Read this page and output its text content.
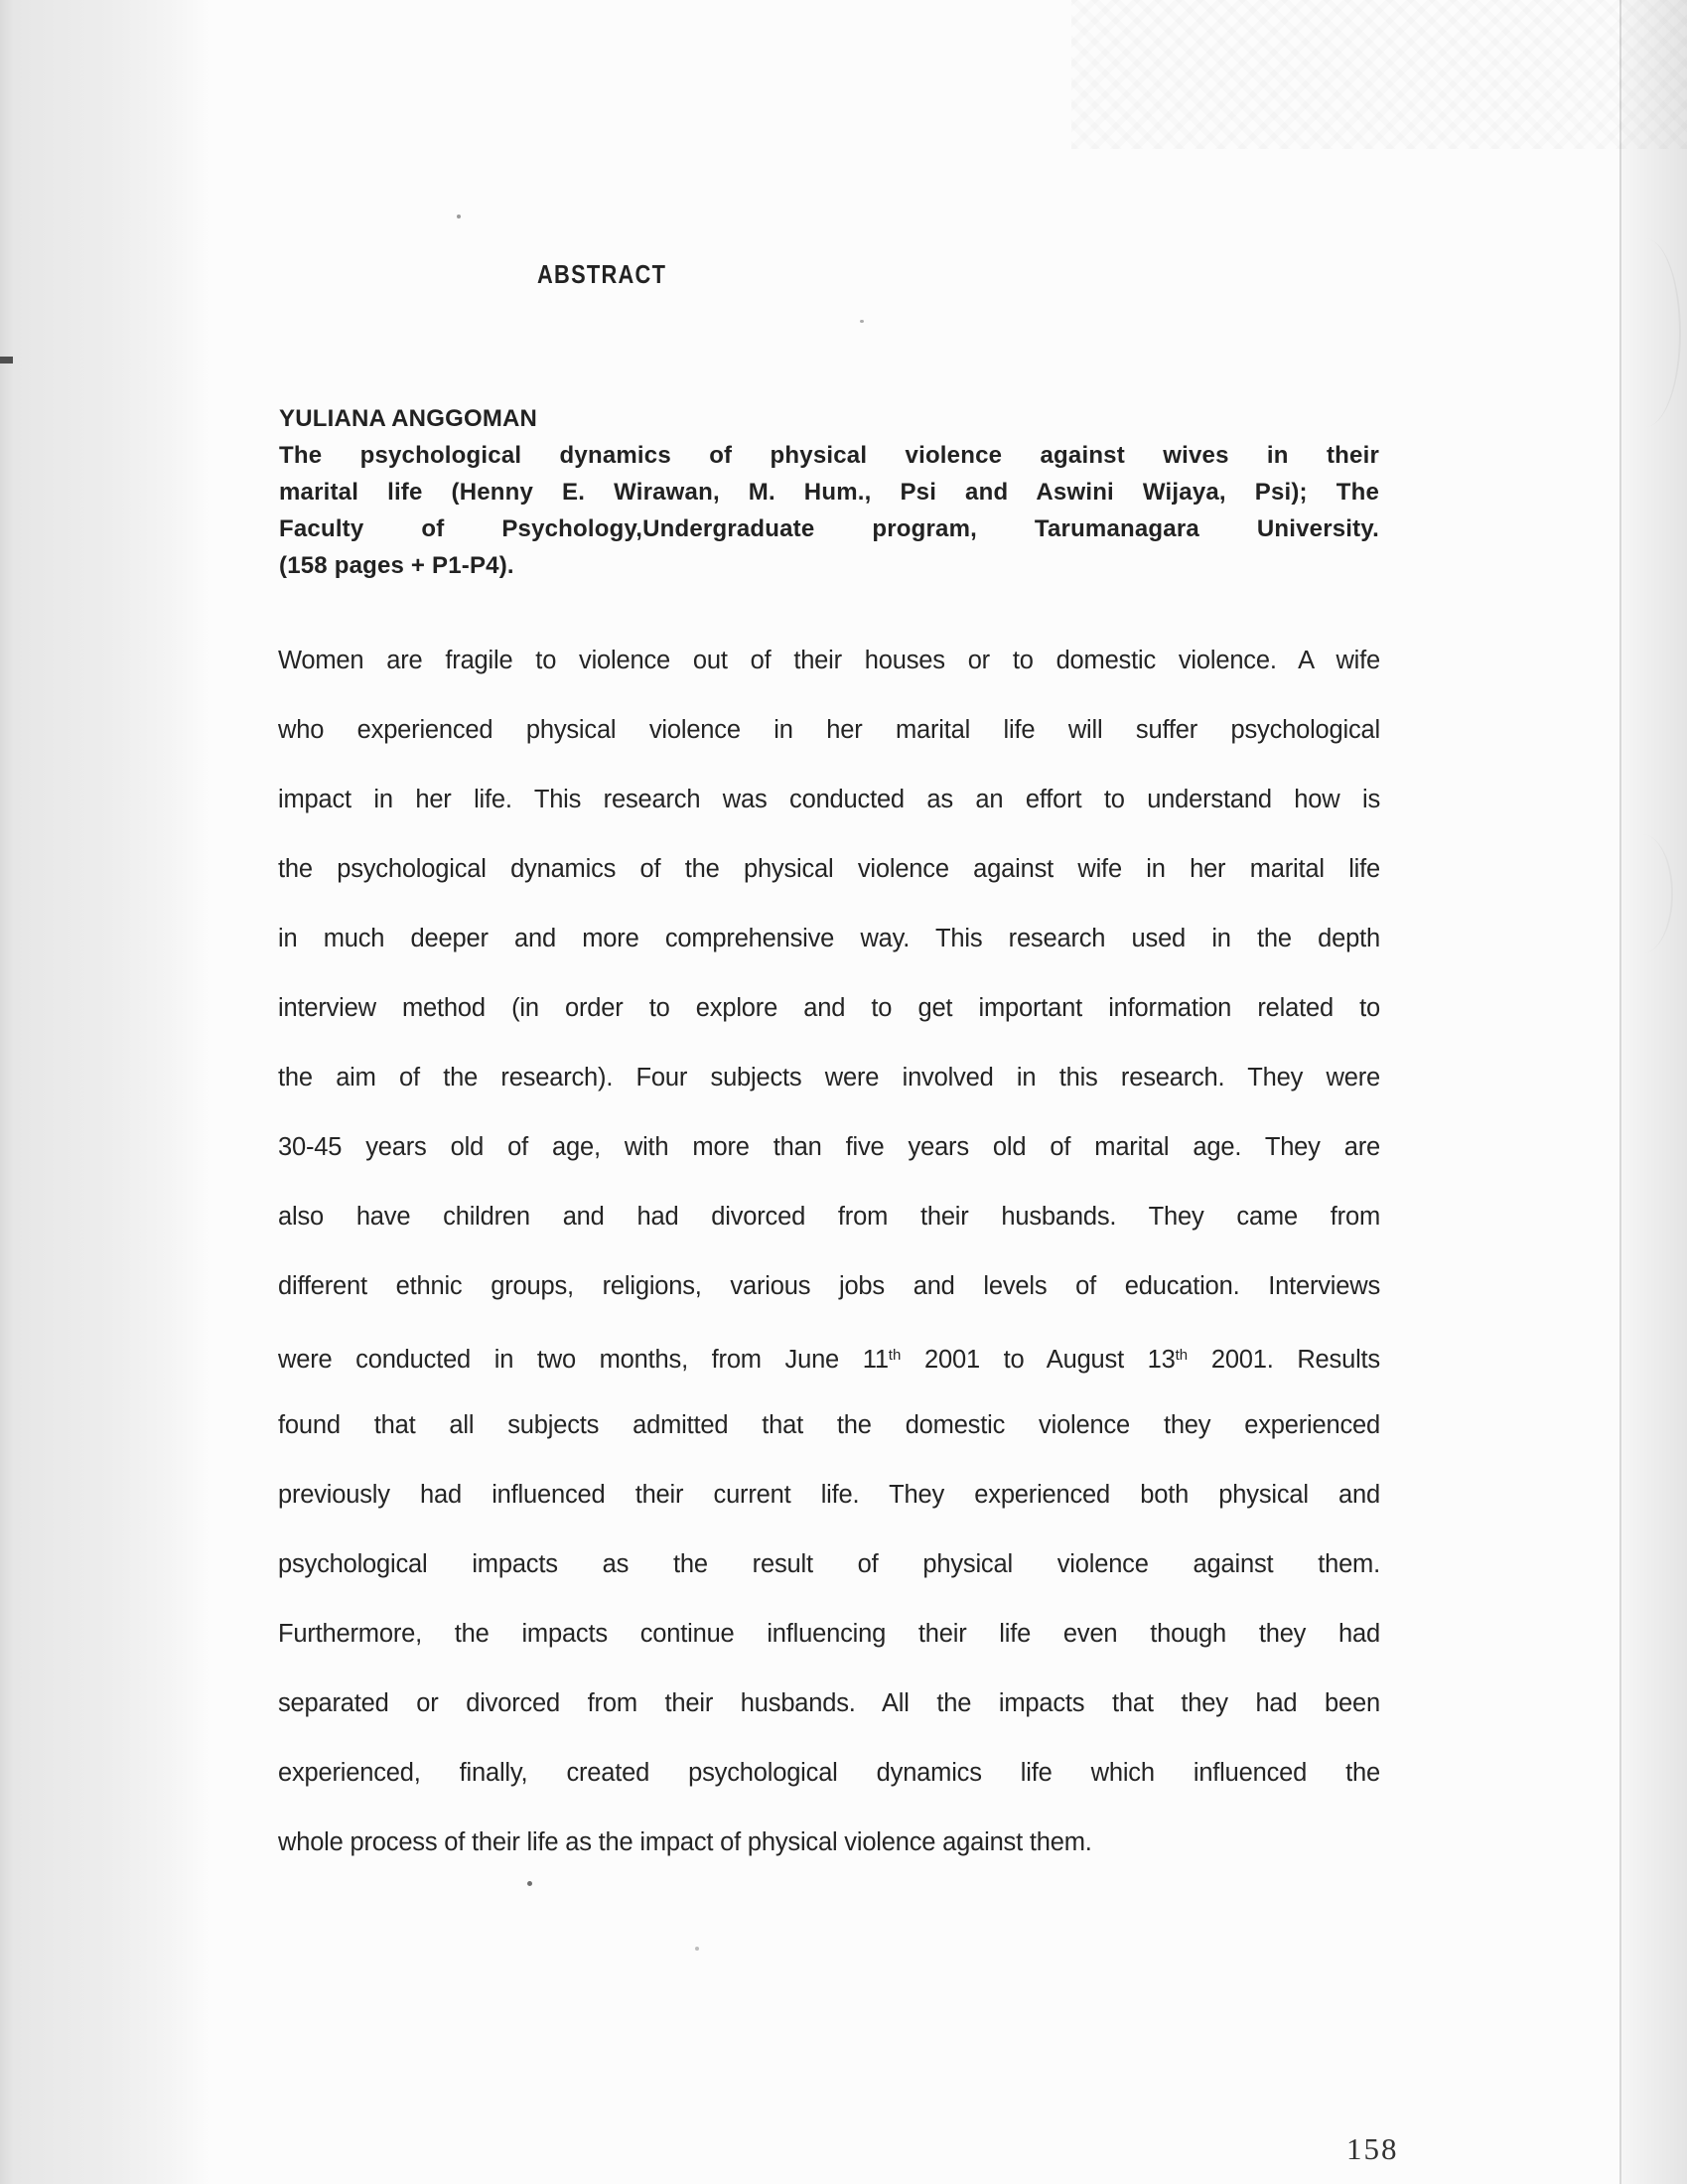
ABSTRACT
YULIANA ANGGOMAN
The psychological dynamics of physical violence against wives in their
marital life (Henny E. Wirawan, M. Hum., Psi and Aswini Wijaya, Psi); The
Faculty of Psychology,Undergraduate program, Tarumanagara University.
(158 pages + P1-P4).
Women are fragile to violence out of their houses or to domestic violence. A wife
who experienced physical violence in her marital life will suffer psychological
impact in her life. This research was conducted as an effort to understand how is
the psychological dynamics of the physical violence against wife in her marital life
in much deeper and more comprehensive way. This research used in the depth
interview method (in order to explore and to get important information related to
the aim of the research). Four subjects were involved in this research. They were
30-45 years old of age, with more than five years old of marital age. They are
also have children and had divorced from their husbands. They came from
different ethnic groups, religions, various jobs and levels of education. Interviews
were conducted in two months, from June 11th 2001 to August 13th 2001. Results
found that all subjects admitted that the domestic violence they experienced
previously had influenced their current life. They experienced both physical and
psychological impacts as the result of physical violence against them.
Furthermore, the impacts continue influencing their life even though they had
separated or divorced from their husbands. All the impacts that they had been
experienced, finally, created psychological dynamics life which influenced the
whole process of their life as the impact of physical violence against them.
158
